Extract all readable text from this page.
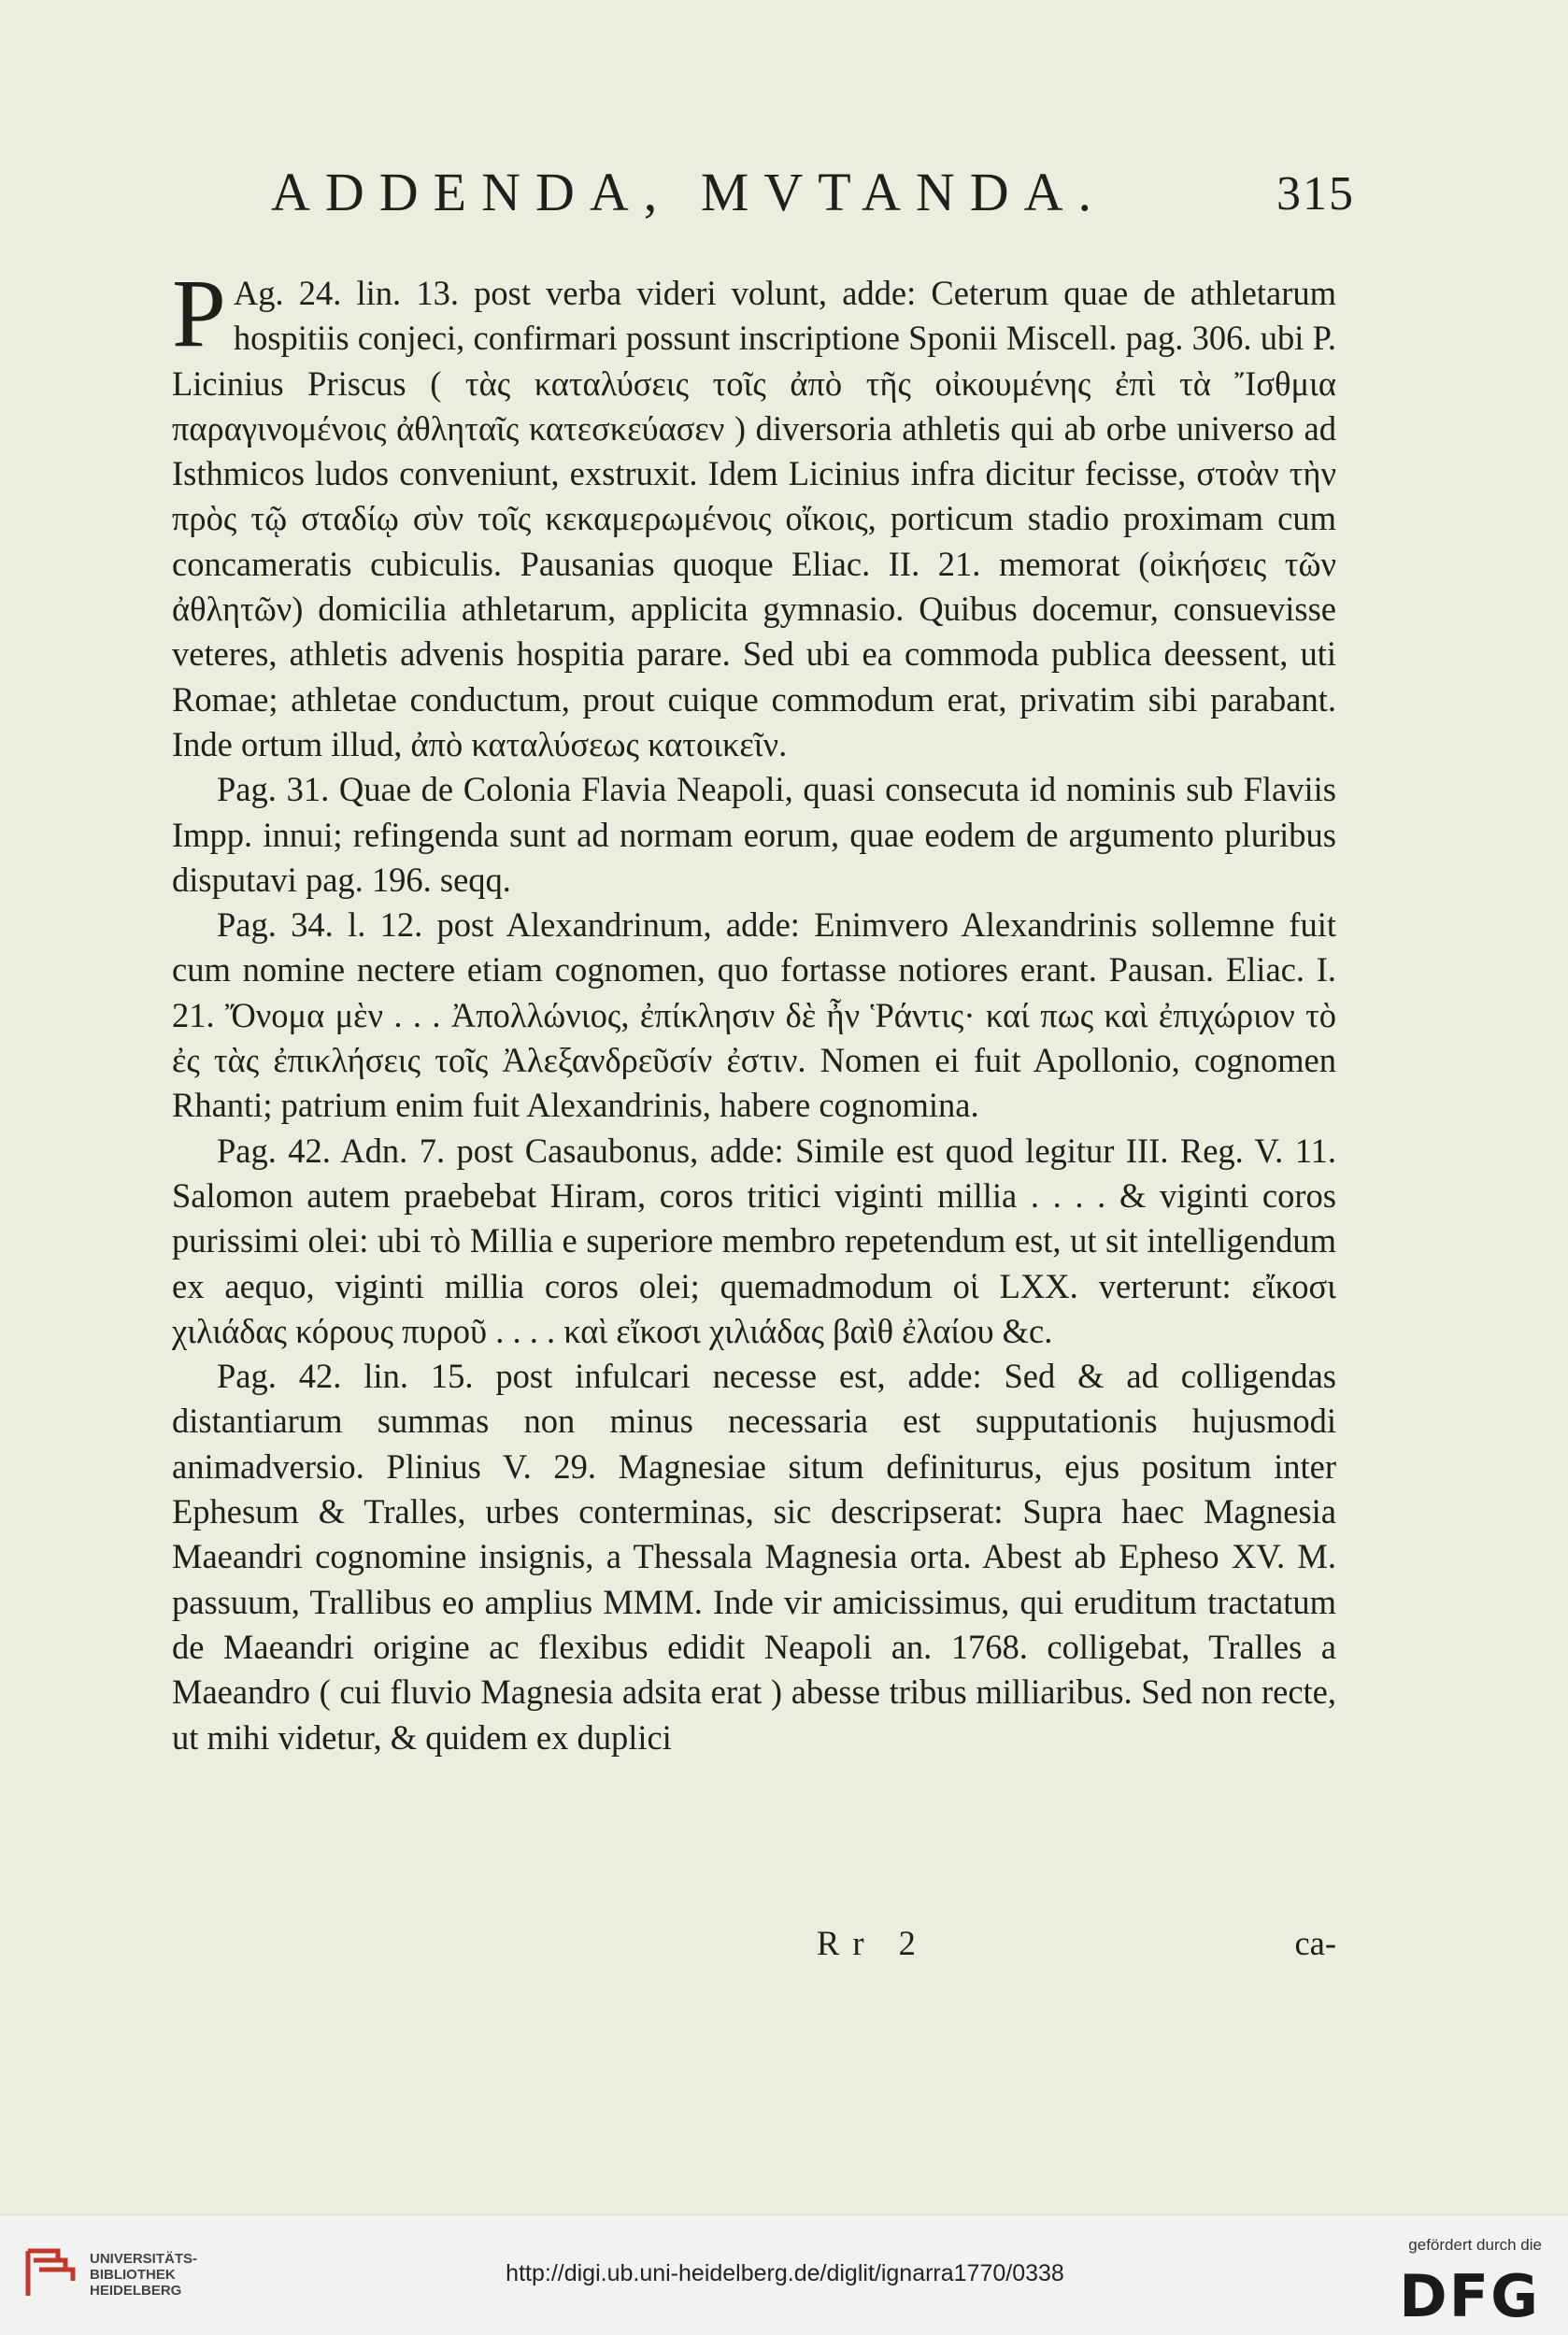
ADDENDA, MVTANDA.	315

P Ag. 24. lin. 13. post verba videri volunt, adde: Ceterum quae de athletarum hospitiis conjeci, confirmari possunt inscriptione Sponii Miscell. pag. 306. ubi P. Licinius Priscus ( τὰς καταλύσεις τοῖς ἀπὸ τῆς οἰκουμένης ἐπὶ τὰ Ἴσθμια παραγινομένοις ἀθληταῖς κατεσκεύασεν ) diversoria athletis qui ab orbe universo ad Isthmicos ludos conveniunt, exstruxit. Idem Licinius infra dicitur fecisse, στοὰν τὴν πρὸς τῷ σταδίῳ σὺν τοῖς κεκαμερωμένοις οἴκοις, porticum stadio proximam cum concameratis cubiculis. Pausanias quoque Eliac. II. 21. memorat (οἰκήσεις τῶν ἀθλητῶν) domicilia athletarum, applicita gymnasio. Quibus docemur, consuevisse veteres, athletis advenis hospitia parare. Sed ubi ea commoda publica deessent, uti Romae; athletae conductum, prout cuique commodum erat, privatim sibi parabant. Inde ortum illud, ἀπὸ καταλύσεως κατοικεῖν.

Pag. 31. Quae de Colonia Flavia Neapoli, quasi consecuta id nominis sub Flaviis Impp. innui; refingenda sunt ad normam eorum, quae eodem de argumento pluribus disputavi pag. 196. seqq.

Pag. 34. l. 12. post Alexandrinum, adde: Enimvero Alexandrinis sollemne fuit cum nomine nectere etiam cognomen, quo fortasse notiores erant. Pausan. Eliac. I. 21. Ὄνομα μὲν . . . Ἀπολλώνιος, ἐπίκλησιν δὲ ἦν Ῥάντις· καί πως καὶ ἐπιχώριον τὸ ἐς τὰς ἐπικλήσεις τοῖς Ἀλεξανδρεῦσίν ἐστιν. Nomen ei fuit Apollonio, cognomen Rhanti; patrium enim fuit Alexandrinis, habere cognomina.

Pag. 42. Adn. 7. post Casaubonus, adde: Simile est quod legitur III. Reg. V. 11. Salomon autem praebebat Hiram, coros tritici viginti millia . . . . & viginti coros purissimi olei: ubi τὸ Millia e superiore membro repetendum est, ut sit intelligendum ex aequo, viginti millia coros olei; quemadmodum οἱ LXX. verterunt: εἴκοσι χιλιάδας κόρους πυροῦ . . . . καὶ εἴκοσι χιλιάδας βαὶθ ἐλαίου &c.

Pag. 42. lin. 15. post infulcari necesse est, adde: Sed & ad colligendas distantiarum summas non minus necessaria est supputationis hujusmodi animadversio. Plinius V. 29. Magnesiae situm definiturus, ejus positum inter Ephesum & Tralles, urbes conterminas, sic descripserat: Supra haec Magnesia Maeandri cognomine insignis, a Thessala Magnesia orta. Abest ab Epheso XV. M. passuum, Trallibus eo amplius MMM. Inde vir amicissimus, qui eruditum tractatum de Maeandri origine ac flexibus edidit Neapoli an. 1768. colligebat, Tralles a Maeandro ( cui fluvio Magnesia adsita erat ) abesse tribus milliaribus. Sed non recte, ut mihi videtur, & quidem ex duplici

Rr 2	ca-
UNIVERSITÄTS-
BIBLIOTHEK
HEIDELBERG
http://digi.ub.uni-heidelberg.de/diglit/ignarra1770/0338
gefördert durch die
DFG
